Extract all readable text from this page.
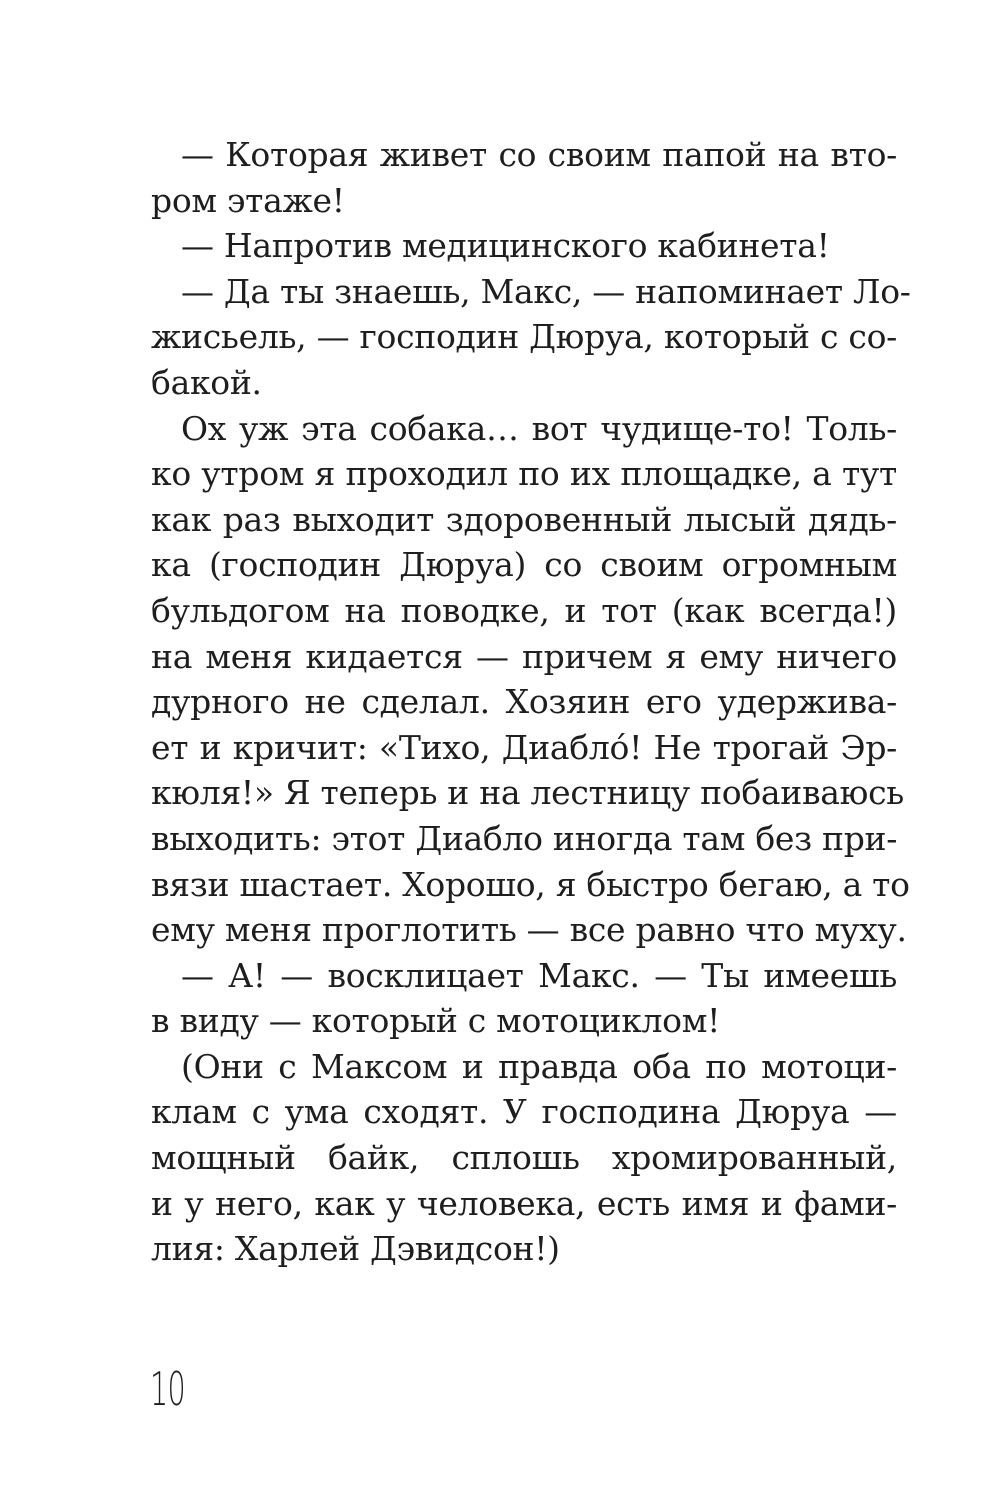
— Которая живет со своим папой на вто-
ром этаже!
— Напротив медицинского кабинета!
— Да ты знаешь, Макс, — напоминает Ло-
жисьель, — господин Дюруа, который с со-
бакой.
Ох уж эта собака… вот чудище-то! Толь-
ко утром я проходил по их площадке, а тут
как раз выходит здоровенный лысый дядь-
ка (господин Дюруа) со своим огромным
бульдогом на поводке, и тот (как всегда!)
на меня кидается — причем я ему ничего
дурного не сделал. Хозяин его удержива-
ет и кричит: «Тихо, Диабло́! Не трогай Эр-
кюля!» Я теперь и на лестницу побаиваюсь
выходить: этот Диабло иногда там без при-
вязи шастает. Хорошо, я быстро бегаю, а то
ему меня проглотить — все равно что муху.
— А! — восклицает Макс. — Ты имеешь
в виду — который с мотоциклом!
(Они с Максом и правда оба по мотоци-
клам с ума сходят. У господина Дюруа —
мощный байк, сплошь хромированный,
и у него, как у человека, есть имя и фами-
лия: Харлей Дэвидсон!)
10
